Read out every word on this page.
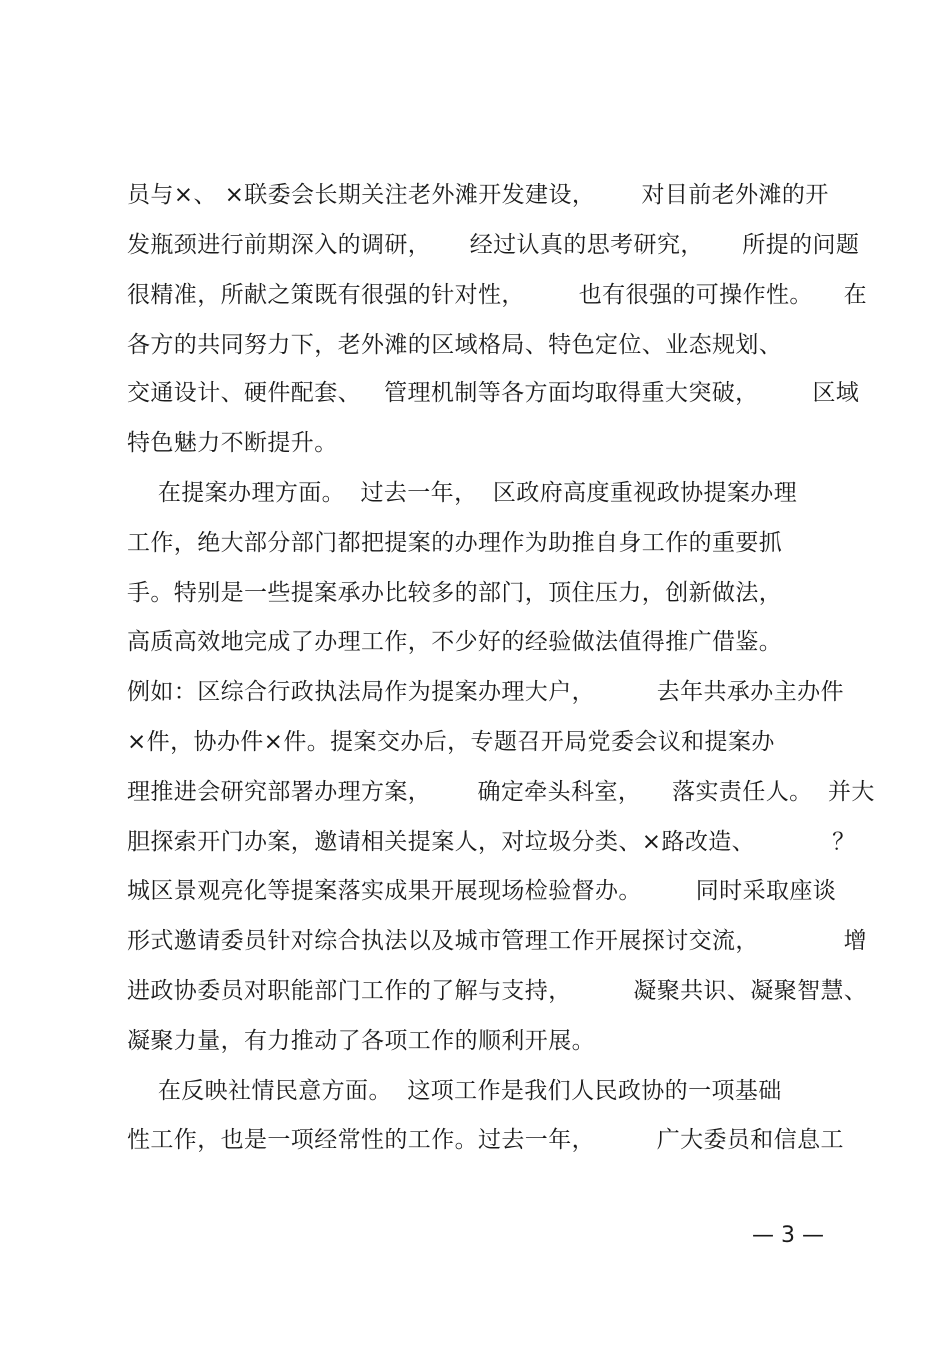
员与×、 ×联委会长期关注老外滩开发建设，      对目前老外滩的开
发瓶颈进行前期深入的调研，     经过认真的思考研究，     所提的问题
很精准，所献之策既有很强的针对性，       也有很强的可操作性。    在
各方的共同努力下，老外滩的区域格局、特色定位、业态规划、
交通设计、硬件配套、   管理机制等各方面均取得重大突破，       区域
特色魅力不断提升。
在提案办理方面。  过去一年，  区政府高度重视政协提案办理
工作，绝大部分部门都把提案的办理作为助推自身工作的重要抓
手。特别是一些提案承办比较多的部门，顶住压力，创新做法，
高质高效地完成了办理工作，不少好的经验做法值得推广借鉴。
例如：区综合行政执法局作为提案办理大户，        去年共承办主办件
×件，协办件×件。提案交办后，专题召开局党委会议和提案办
理推进会研究部署办理方案，      确定牵头科室，    落实责任人。  并大
胆探索开门办案，邀请相关提案人，对垃圾分类、×路改造、          ？
城区景观亮化等提案落实成果开展现场检验督办。       同时采取座谈
形式邀请委员针对综合执法以及城市管理工作开展探讨交流，           增
进政协委员对职能部门工作的了解与支持，        凝聚共识、凝聚智慧、
凝聚力量，有力推动了各项工作的顺利开展。
在反映社情民意方面。  这项工作是我们人民政协的一项基础
性工作，也是一项经常性的工作。过去一年，        广大委员和信息工
— 3 —
